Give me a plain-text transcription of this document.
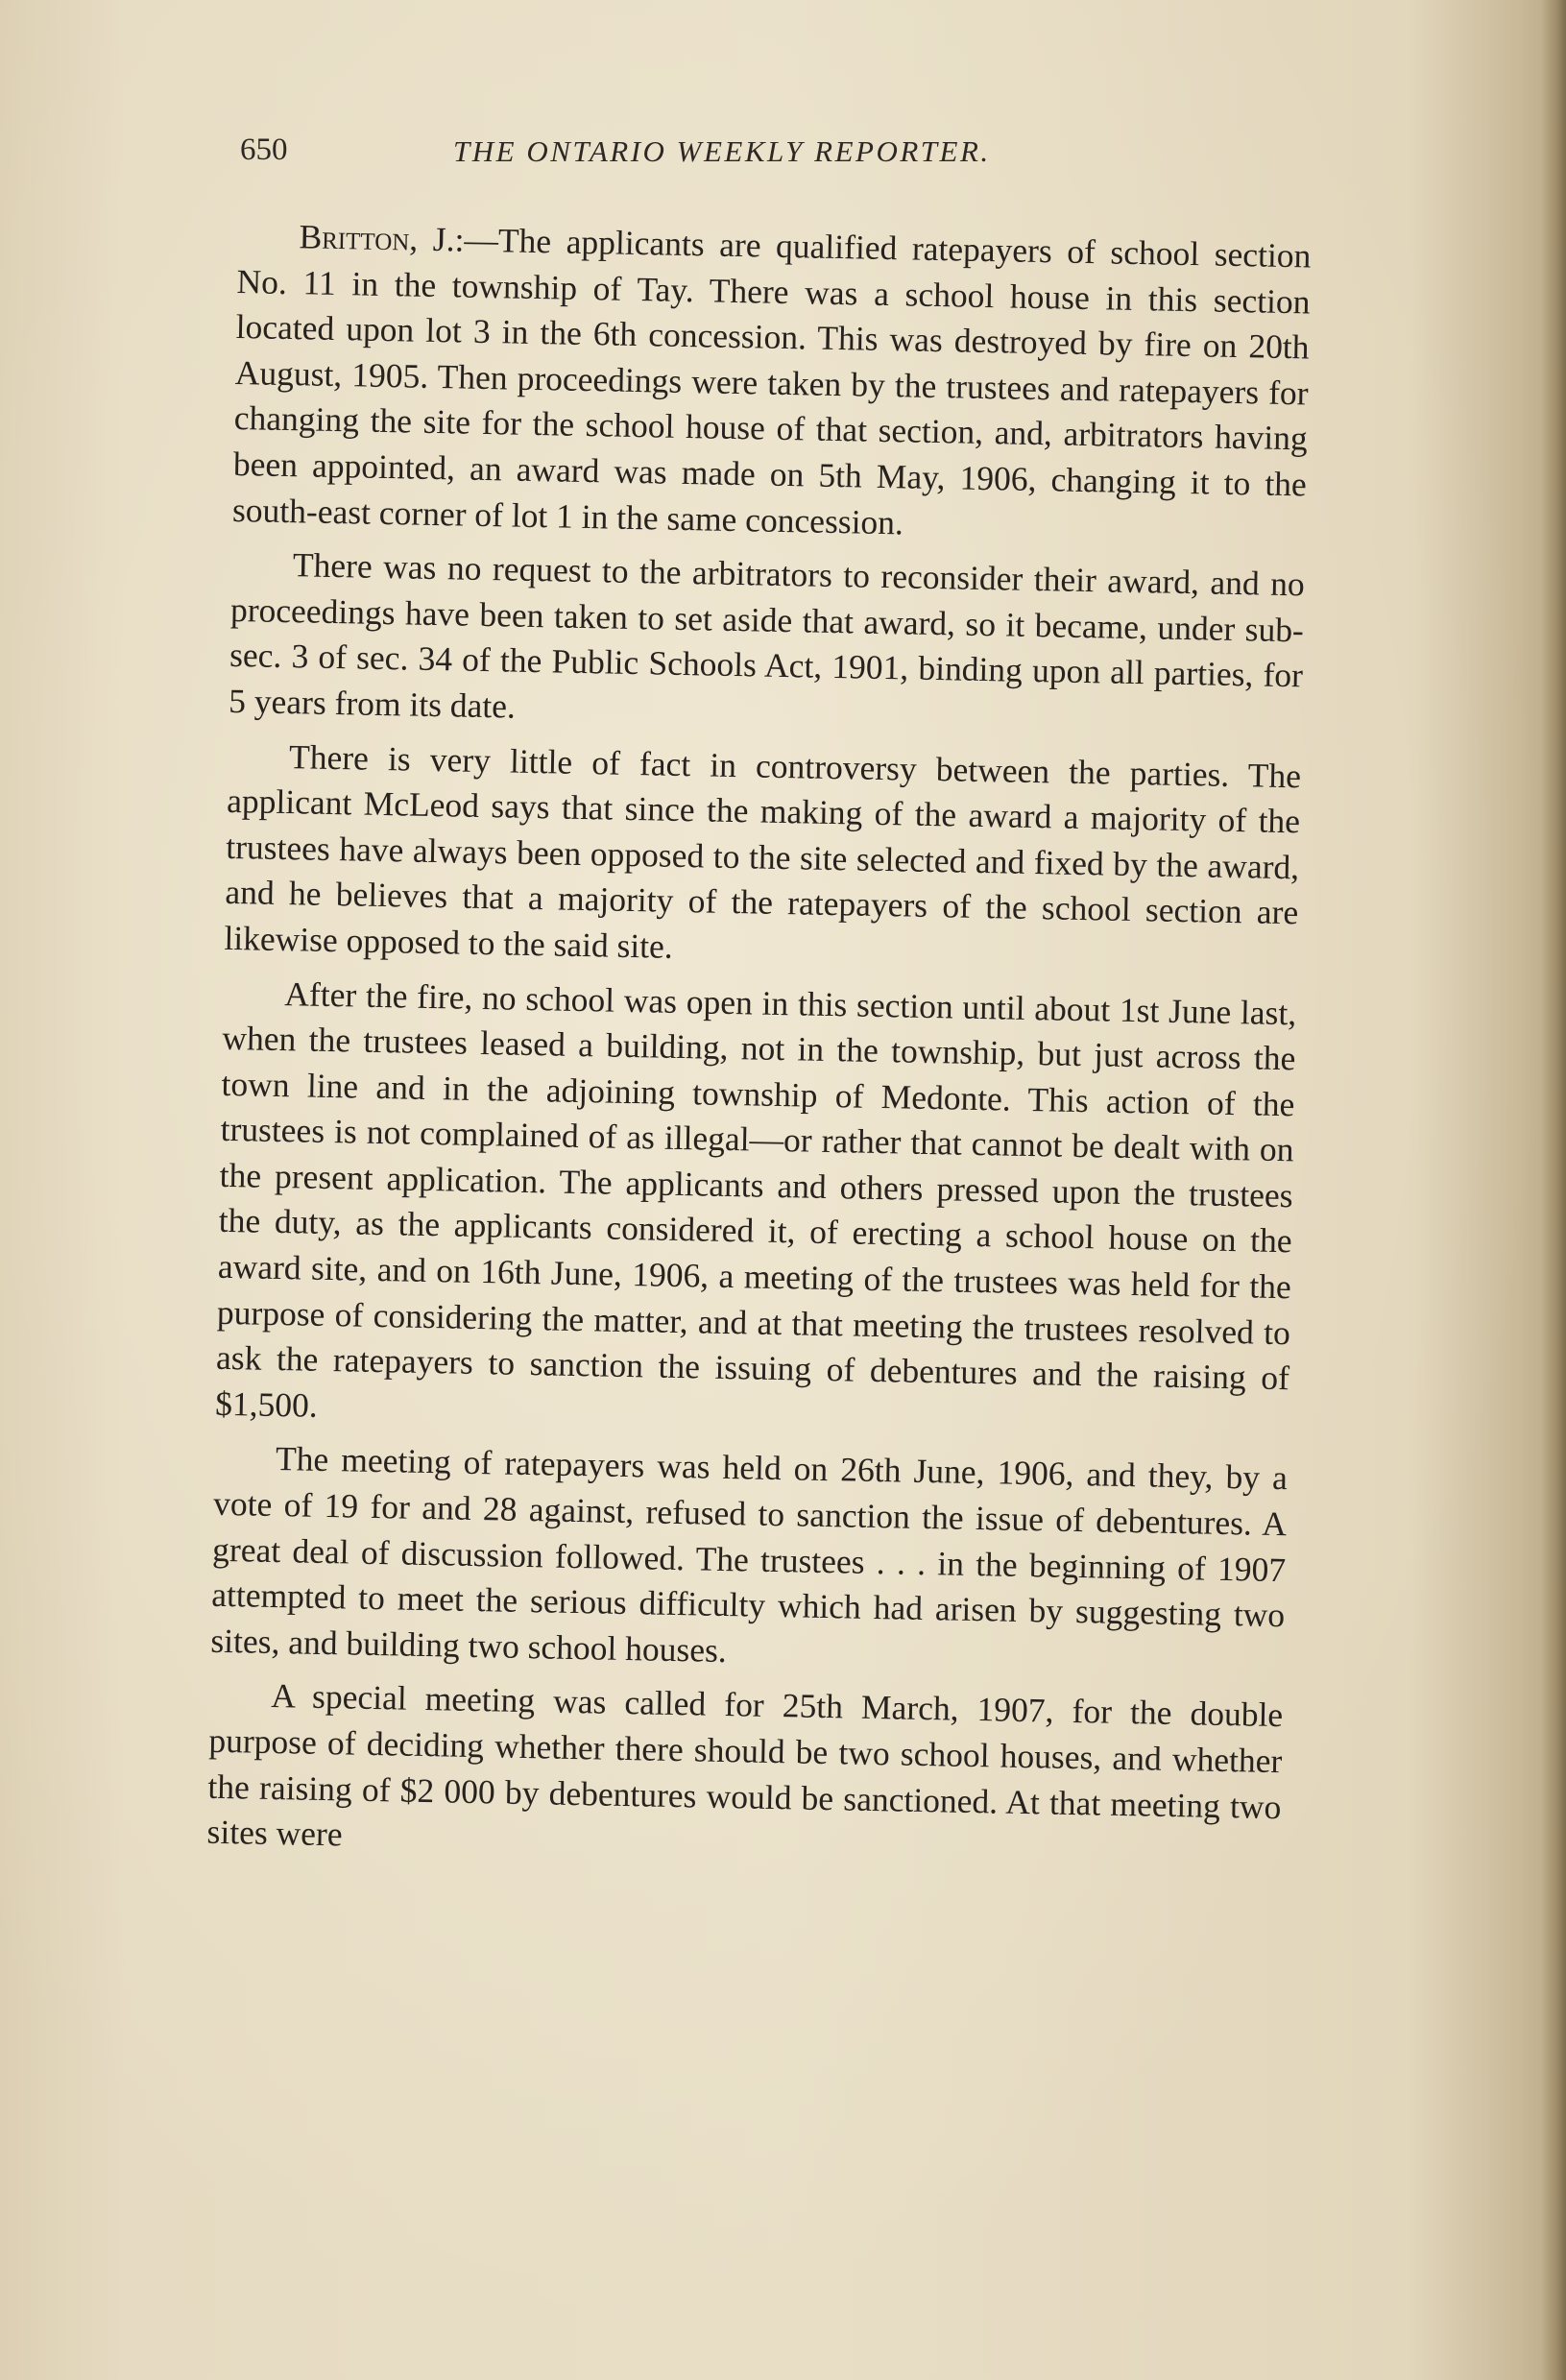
650	THE ONTARIO WEEKLY REPORTER.

Britton, J.:—The applicants are qualified ratepayers of school section No. 11 in the township of Tay. There was a school house in this section located upon lot 3 in the 6th concession. This was destroyed by fire on 20th August, 1905. Then proceedings were taken by the trustees and ratepayers for changing the site for the school house of that section, and, arbitrators having been appointed, an award was made on 5th May, 1906, changing it to the south-east corner of lot 1 in the same concession.

There was no request to the arbitrators to reconsider their award, and no proceedings have been taken to set aside that award, so it became, under sub-sec. 3 of sec. 34 of the Public Schools Act, 1901, binding upon all parties, for 5 years from its date.

There is very little of fact in controversy between the parties. The applicant McLeod says that since the making of the award a majority of the trustees have always been opposed to the site selected and fixed by the award, and he believes that a majority of the ratepayers of the school section are likewise opposed to the said site.

After the fire, no school was open in this section until about 1st June last, when the trustees leased a building, not in the township, but just across the town line and in the adjoining township of Medonte. This action of the trustees is not complained of as illegal—or rather that cannot be dealt with on the present application. The applicants and others pressed upon the trustees the duty, as the applicants considered it, of erecting a school house on the award site, and on 16th June, 1906, a meeting of the trustees was held for the purpose of considering the matter, and at that meeting the trustees resolved to ask the ratepayers to sanction the issuing of debentures and the raising of $1,500.

The meeting of ratepayers was held on 26th June, 1906, and they, by a vote of 19 for and 28 against, refused to sanction the issue of debentures. A great deal of discussion followed. The trustees . . . in the beginning of 1907 attempted to meet the serious difficulty which had arisen by suggesting two sites, and building two school houses.

A special meeting was called for 25th March, 1907, for the double purpose of deciding whether there should be two school houses, and whether the raising of $2 000 by debentures would be sanctioned. At that meeting two sites were
